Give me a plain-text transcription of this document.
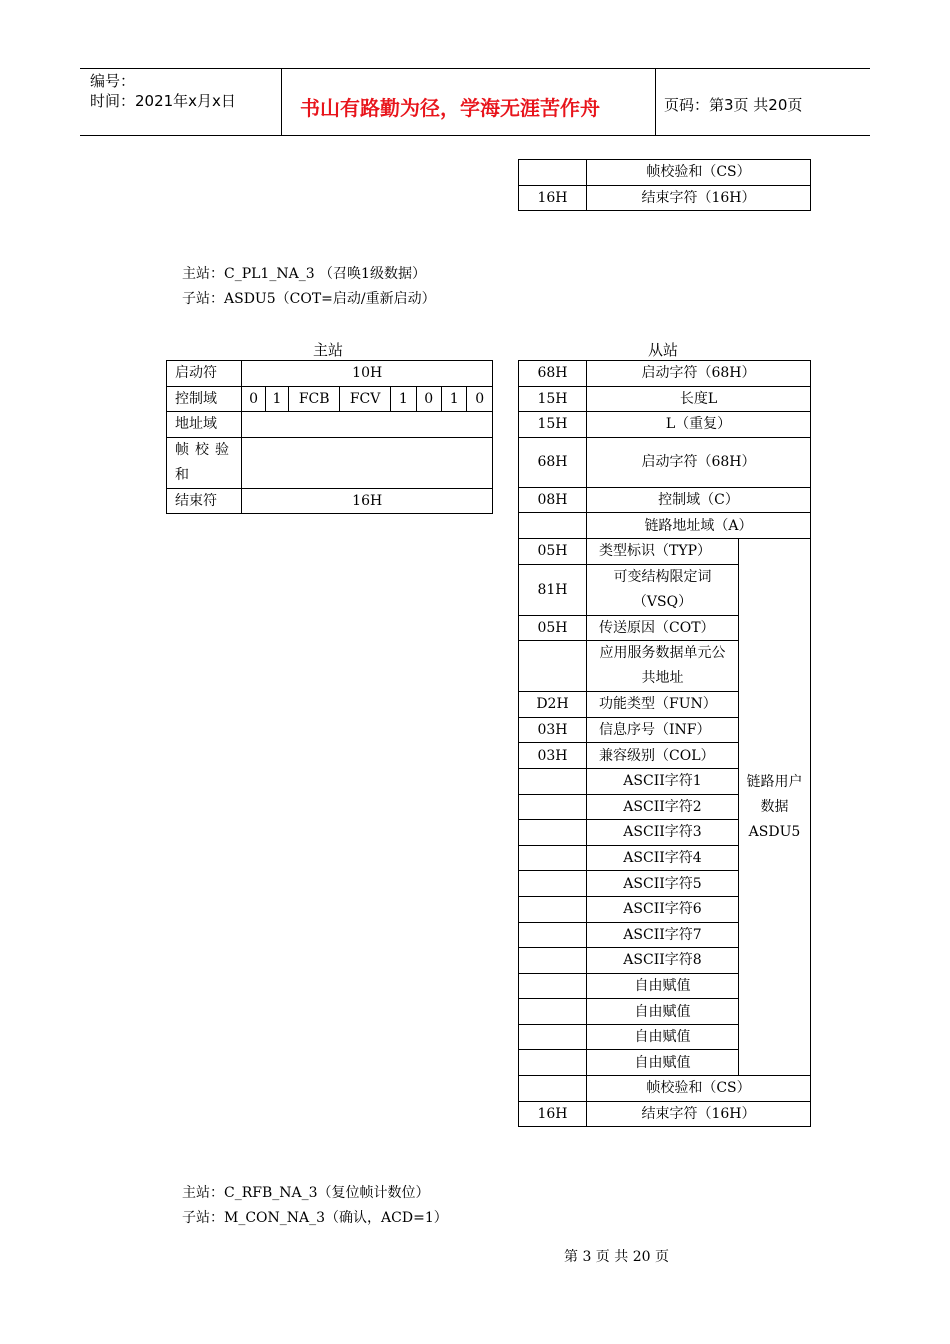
编号：
时间：2021年x月x日	书山有路勤为径，学海无涯苦作舟	页码：第3页 共20页
	帧校验和（CS）
16H	结束字符（16H）
主站：C_PL1_NA_3 （召唤1级数据）
子站：ASDU5（COT=启动/重新启动）
主站	从站
启动符	10H							
控制域	0	1	FCB	FCV	1	0	1	0
地址域								
帧校验和								
结束符	16H							
68H	启动字符（68H）	
15H	长度L	
15H	L（重复）	
68H	启动字符（68H）	
08H	控制域（C）	
	链路地址域（A）	
05H	类型标识（TYP）	链路用户数据ASDU5
81H	可变结构限定词（VSQ）	
05H	传送原因（COT）	
	应用服务数据单元公共地址	
D2H	功能类型（FUN）	
03H	信息序号（INF）	
03H	兼容级别（COL）	
	ASCII字符1	
	ASCII字符2	
	ASCII字符3	
	ASCII字符4	
	ASCII字符5	
	ASCII字符6	
	ASCII字符7	
	ASCII字符8	
	自由赋值	
	自由赋值	
	自由赋值	
	自由赋值	
	帧校验和（CS）	
16H	结束字符（16H）	
主站：C_RFB_NA_3（复位帧计数位）
子站：M_CON_NA_3（确认，ACD=1）
第 3 页 共 20 页
